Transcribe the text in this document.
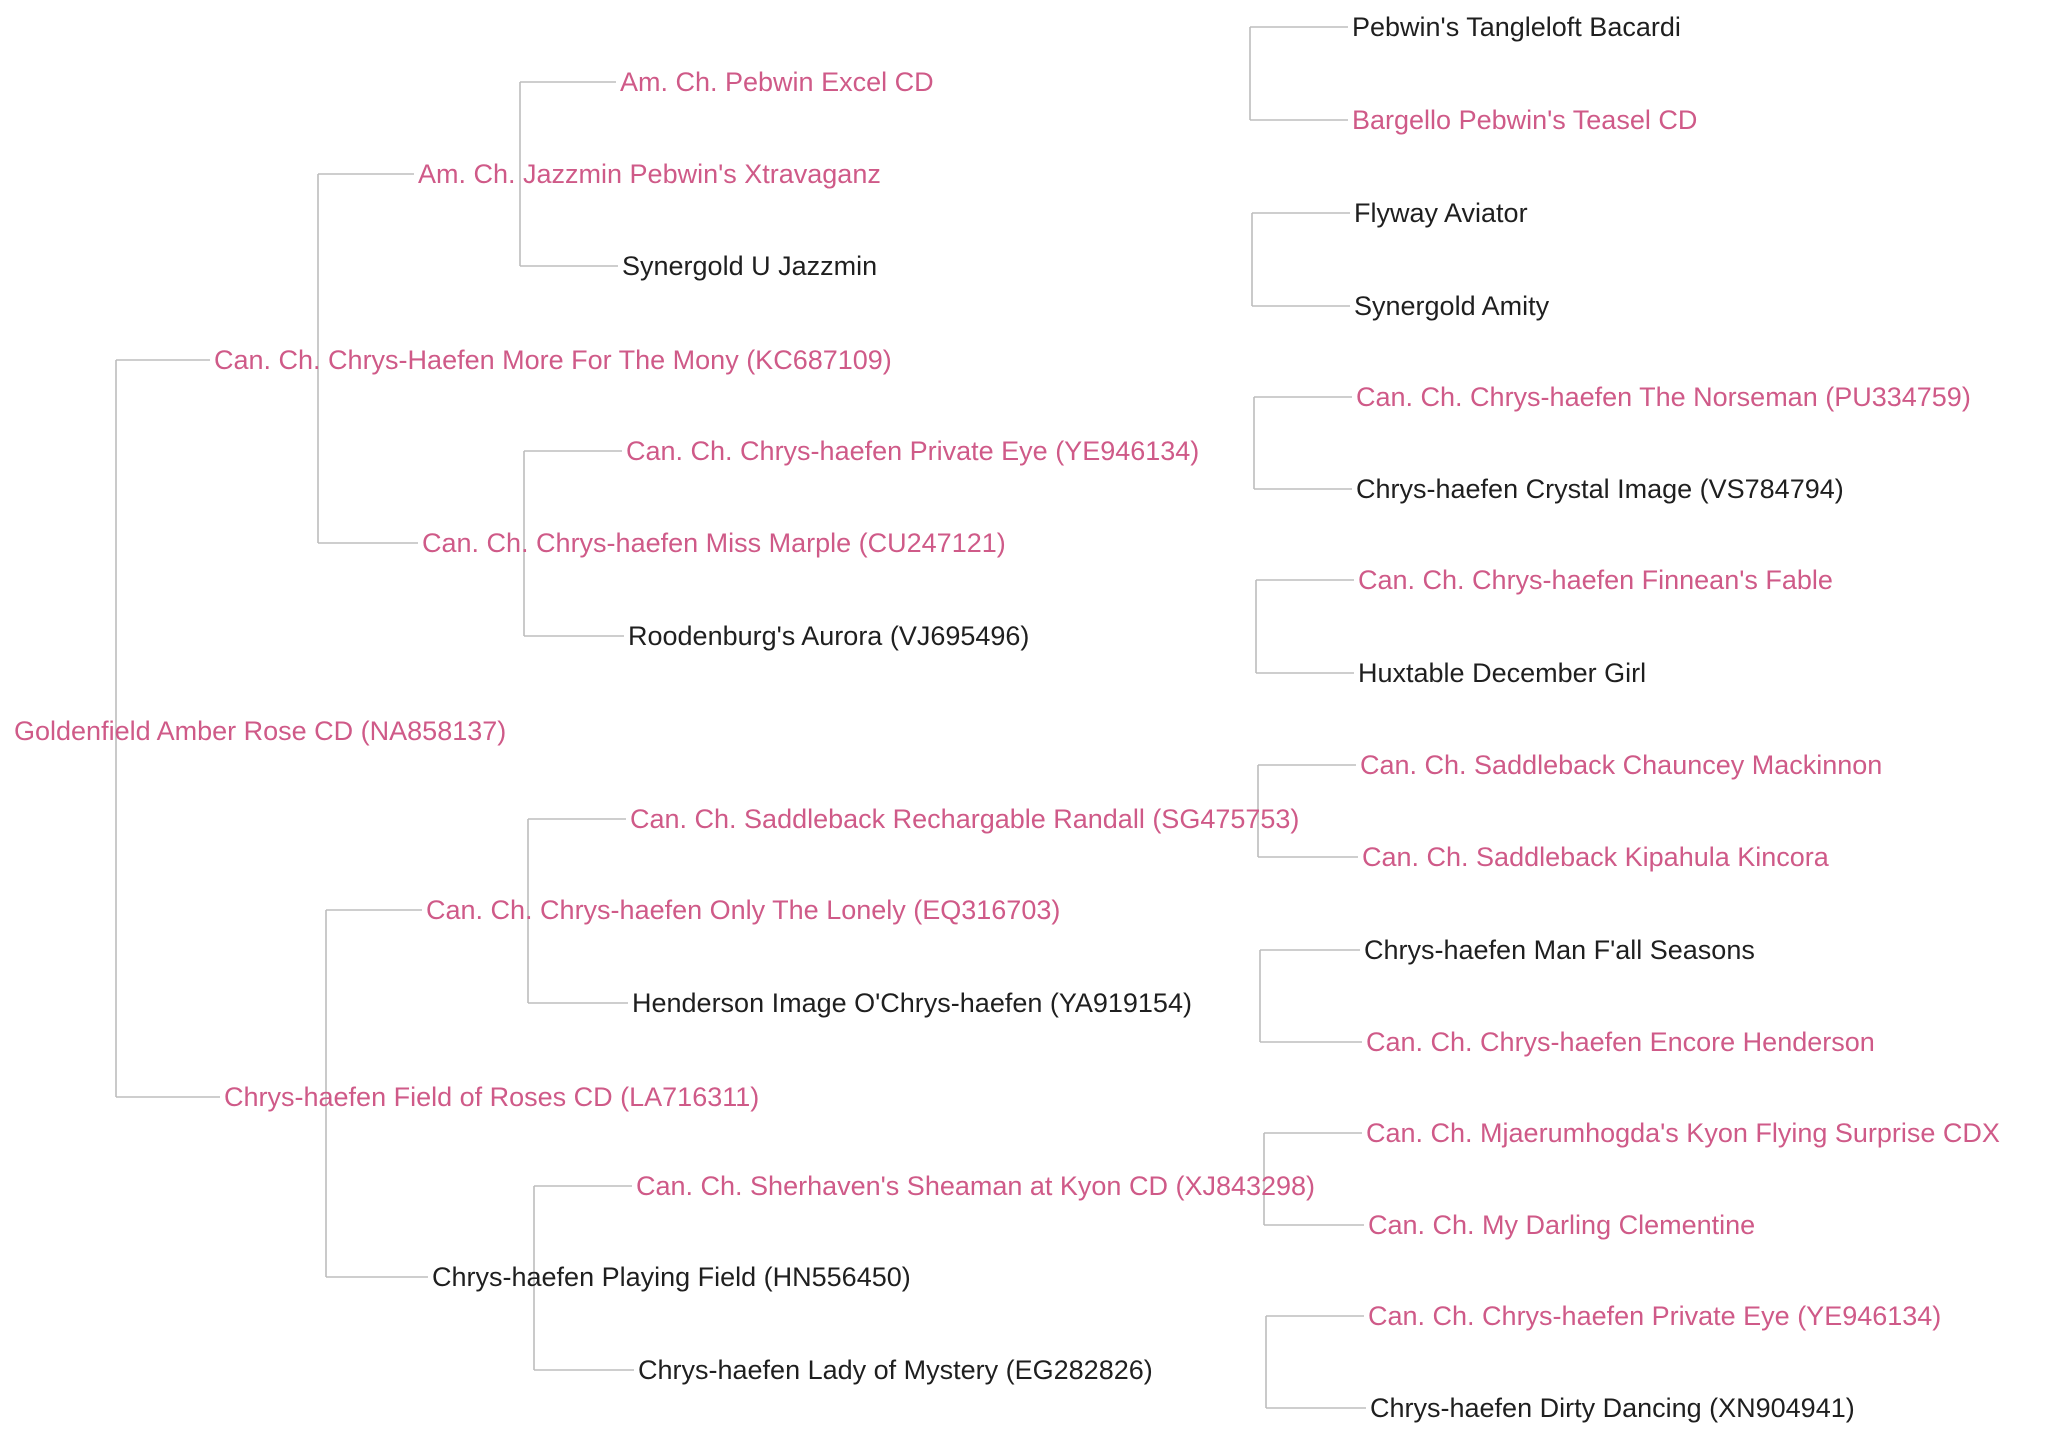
Goldenfield Amber Rose CD (NA858137)
Can. Ch. Chrys-Haefen More For The Mony (KC687109)
Chrys-haefen Field of Roses CD (LA716311)
Am. Ch. Jazzmin Pebwin's Xtravaganz
Can. Ch. Chrys-haefen Miss Marple (CU247121)
Can. Ch. Chrys-haefen Only The Lonely (EQ316703)
Chrys-haefen Playing Field (HN556450)
Am. Ch. Pebwin Excel CD
Synergold U Jazzmin
Can. Ch. Chrys-haefen Private Eye (YE946134)
Roodenburg's Aurora (VJ695496)
Can. Ch. Saddleback Rechargable Randall (SG475753)
Henderson Image O'Chrys-haefen (YA919154)
Can. Ch. Sherhaven's Sheaman at Kyon CD (XJ843298)
Chrys-haefen Lady of Mystery (EG282826)
Pebwin's Tangleloft Bacardi
Bargello Pebwin's Teasel CD
Flyway Aviator
Synergold Amity
Can. Ch. Chrys-haefen The Norseman (PU334759)
Chrys-haefen Crystal Image (VS784794)
Can. Ch. Chrys-haefen Finnean's Fable
Huxtable December Girl
Can. Ch. Saddleback Chauncey Mackinnon
Can. Ch. Saddleback Kipahula Kincora
Chrys-haefen Man F'all Seasons
Can. Ch. Chrys-haefen Encore Henderson
Can. Ch. Mjaerumhogda's Kyon Flying Surprise CDX
Can. Ch. My Darling Clementine
Can. Ch. Chrys-haefen Private Eye (YE946134)
Chrys-haefen Dirty Dancing (XN904941)
